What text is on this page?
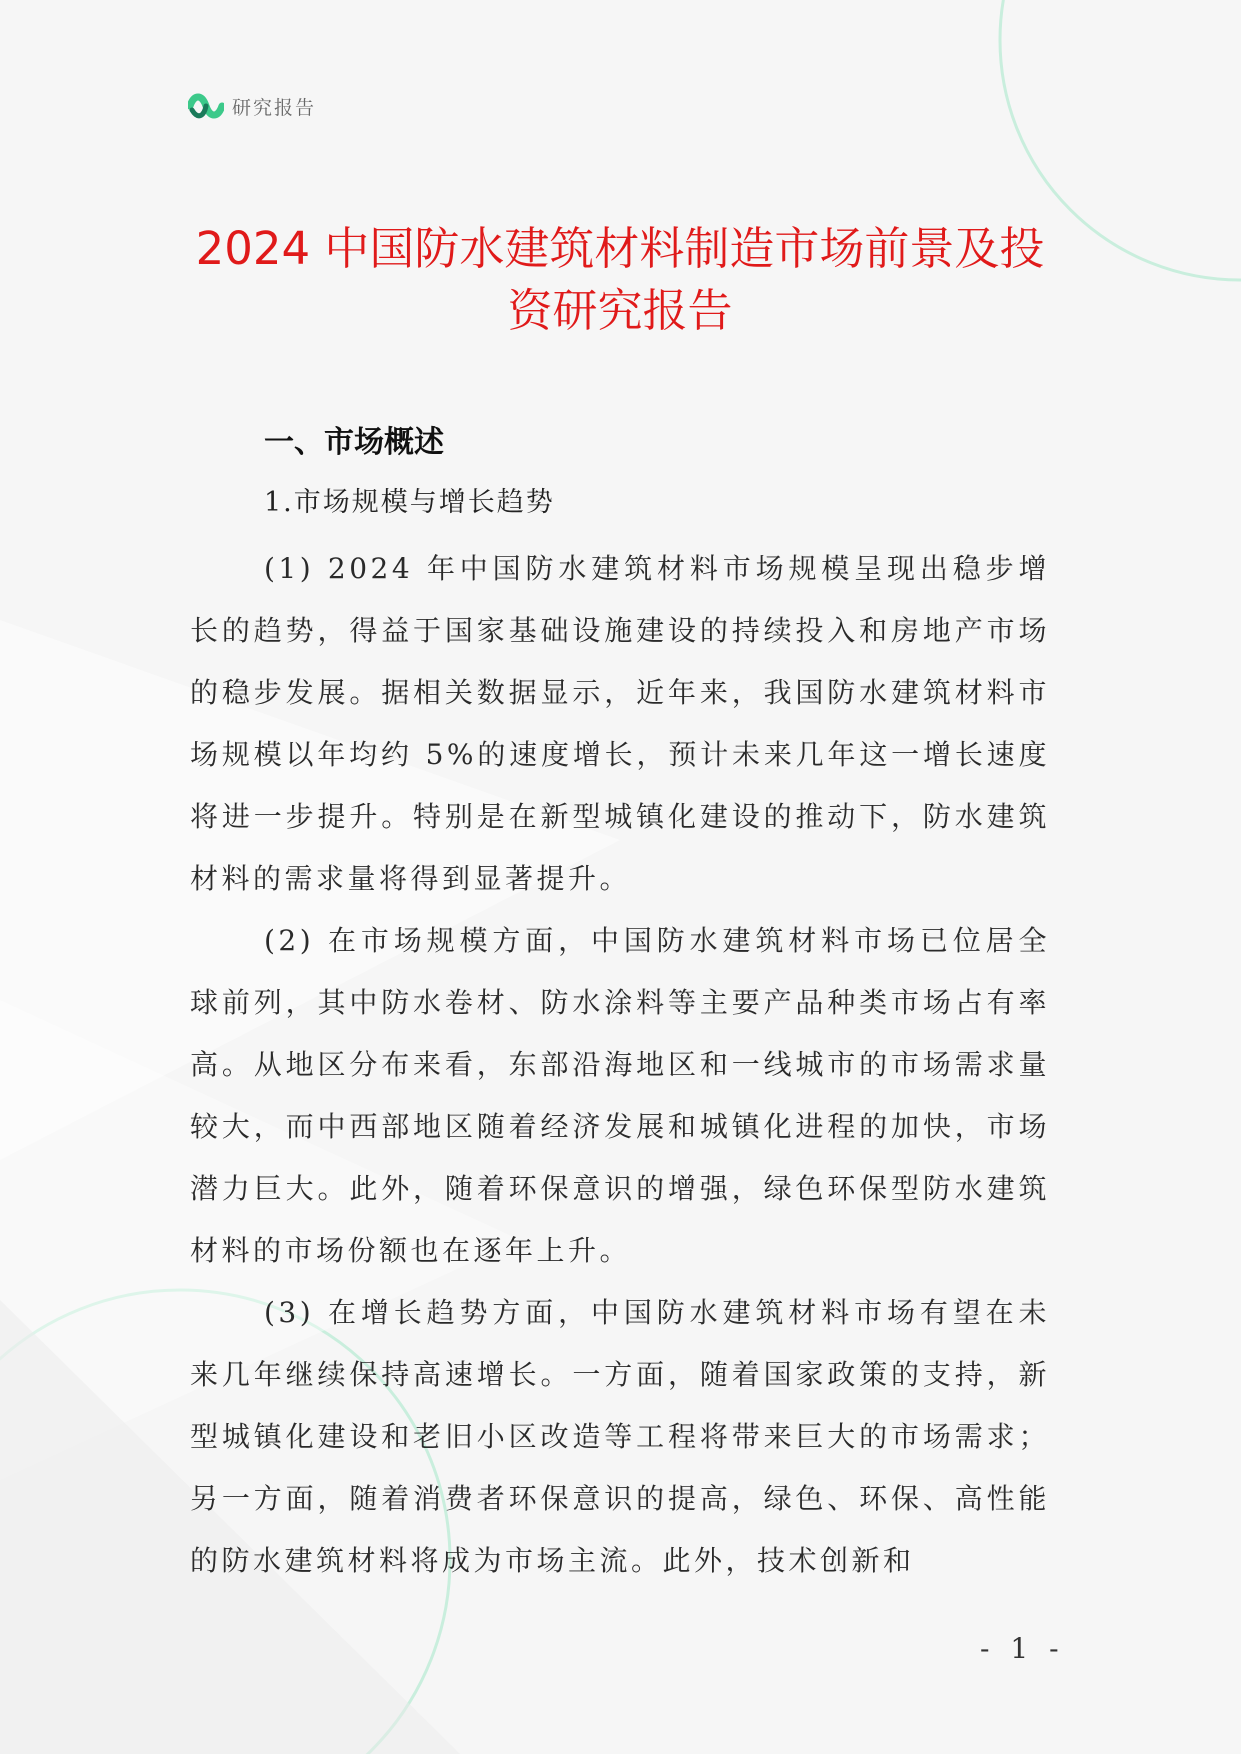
研究报告
2024 中国防水建筑材料制造市场前景及投
资研究报告
一、市场概述
1.市场规模与增长趋势

(1) 2024 年中国防水建筑材料市场规模呈现出稳步增长的趋势，得益于国家基础设施建设的持续投入和房地产市场的稳步发展。据相关数据显示，近年来，我国防水建筑材料市场规模以年均约 5%的速度增长，预计未来几年这一增长速度将进一步提升。特别是在新型城镇化建设的推动下，防水建筑材料的需求量将得到显著提升。

(2) 在市场规模方面，中国防水建筑材料市场已位居全球前列，其中防水卷材、防水涂料等主要产品种类市场占有率高。从地区分布来看，东部沿海地区和一线城市的市场需求量较大，而中西部地区随着经济发展和城镇化进程的加快，市场潜力巨大。此外，随着环保意识的增强，绿色环保型防水建筑材料的市场份额也在逐年上升。

(3) 在增长趋势方面，中国防水建筑材料市场有望在未来几年继续保持高速增长。一方面，随着国家政策的支持，新型城镇化建设和老旧小区改造等工程将带来巨大的市场需求；另一方面，随着消费者环保意识的提高，绿色、环保、高性能的防水建筑材料将成为市场主流。此外，技术创新和

- 1 -
